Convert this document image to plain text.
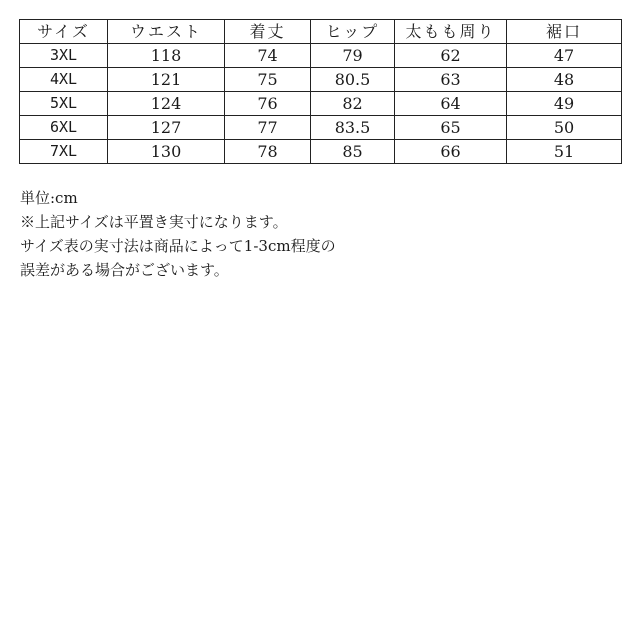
サイズ	ウエスト	着丈	ヒップ	太もも周り	裾口
3XL	118	74	79	62	47
4XL	121	75	80.5	63	48
5XL	124	76	82	64	49
6XL	127	77	83.5	65	50
7XL	130	78	85	66	51

単位:cm

※上記サイズは平置き実寸になります。

サイズ表の実寸法は商品によって1-3cm程度の

誤差がある場合がございます。
